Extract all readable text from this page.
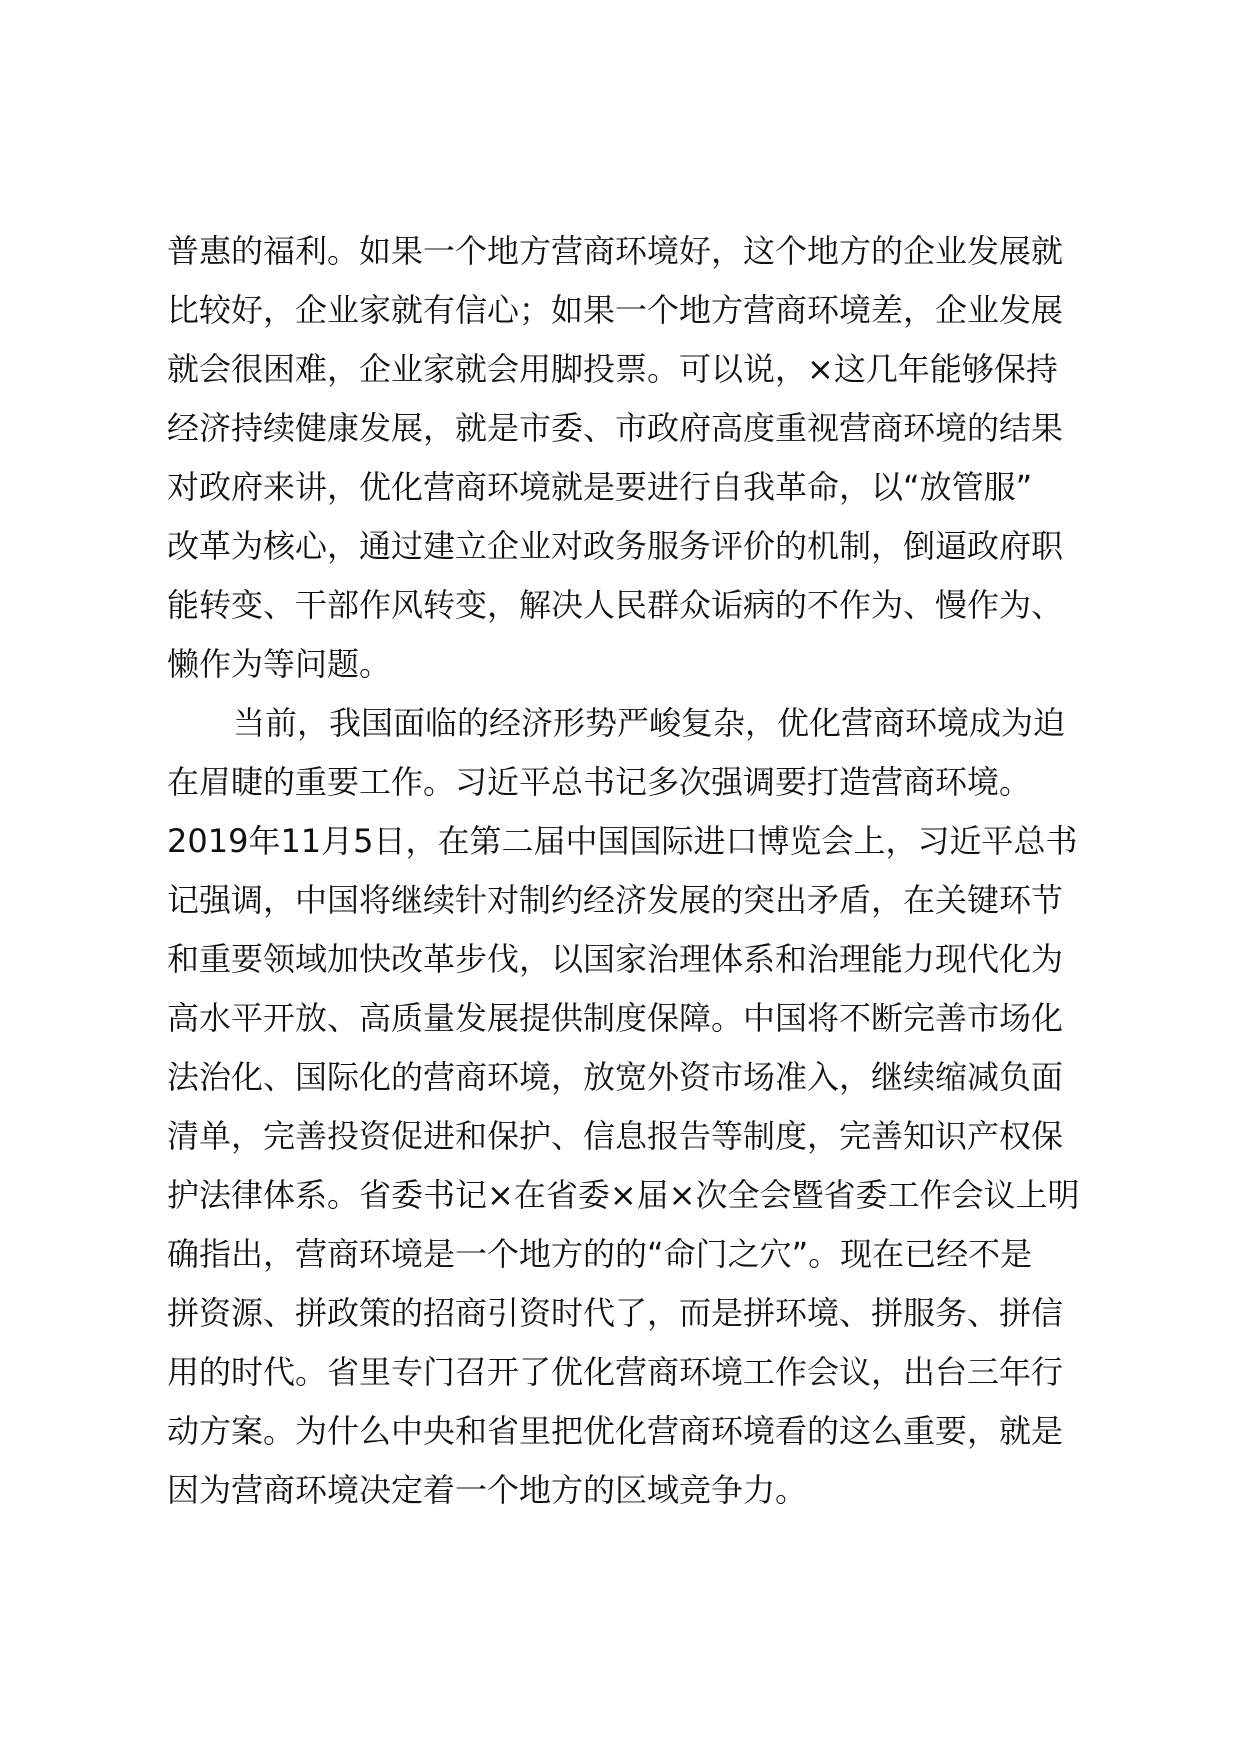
普惠的福利。如果一个地方营商环境好，这个地方的企业发展就
比较好，企业家就有信心；如果一个地方营商环境差，企业发展
就会很困难，企业家就会用脚投票。可以说，×这几年能够保持
经济持续健康发展，就是市委、市政府高度重视营商环境的结果
对政府来讲，优化营商环境就是要进行自我革命，以“放管服”
改革为核心，通过建立企业对政务服务评价的机制，倒逼政府职
能转变、干部作风转变，解决人民群众诟病的不作为、慢作为、
懒作为等问题。
当前，我国面临的经济形势严峻复杂，优化营商环境成为迫
在眉睫的重要工作。习近平总书记多次强调要打造营商环境。
2019年11月5日，在第二届中国国际进口博览会上，习近平总书
记强调，中国将继续针对制约经济发展的突出矛盾，在关键环节
和重要领域加快改革步伐，以国家治理体系和治理能力现代化为
高水平开放、高质量发展提供制度保障。中国将不断完善市场化
法治化、国际化的营商环境，放宽外资市场准入，继续缩减负面
清单，完善投资促进和保护、信息报告等制度，完善知识产权保
护法律体系。省委书记×在省委×届×次全会暨省委工作会议上明
确指出，营商环境是一个地方的的“命门之穴”。现在已经不是
拼资源、拼政策的招商引资时代了，而是拼环境、拼服务、拼信
用的时代。省里专门召开了优化营商环境工作会议，出台三年行
动方案。为什么中央和省里把优化营商环境看的这么重要，就是
因为营商环境决定着一个地方的区域竞争力。
